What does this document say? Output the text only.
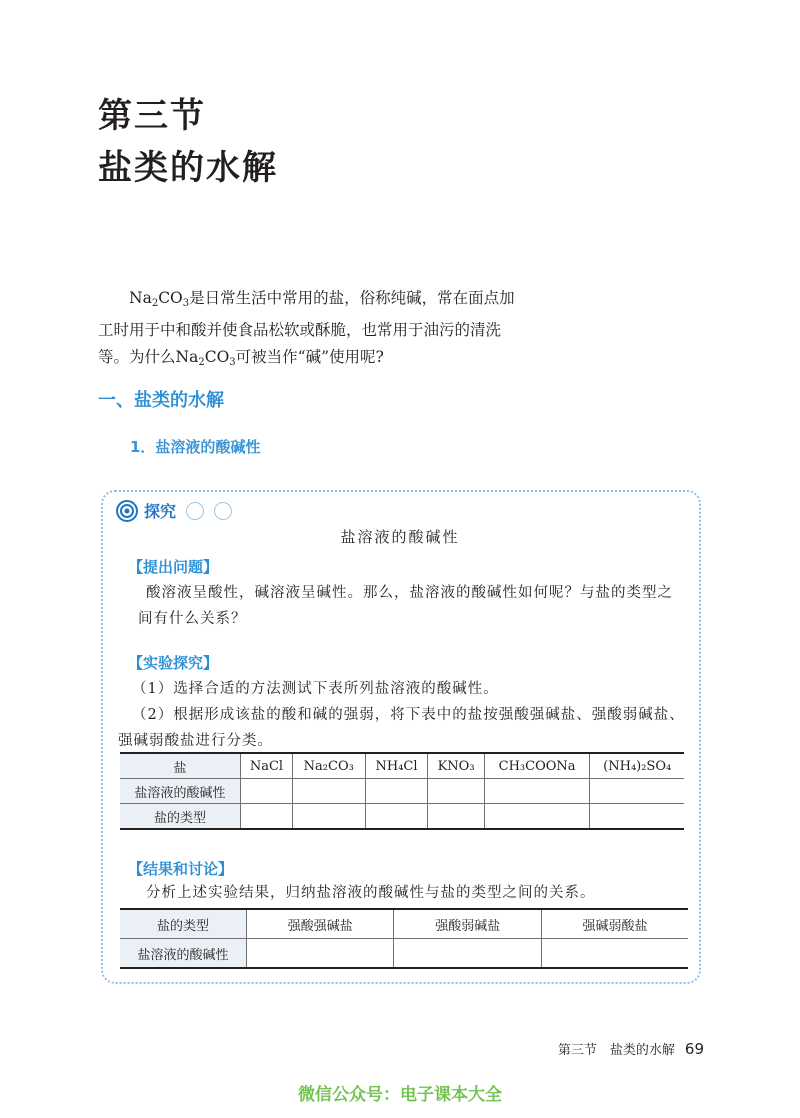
第三节
盐类的水解

$Na_2CO_3$是日常生活中常用的盐，俗称纯碱，常在面点加工时用于中和酸并使食品松软或酥脆，也常用于油污的清洗等。为什么$Na_2CO_3$可被当作“碱”使用呢?

一、盐类的水解
1．盐溶液的酸碱性
探究
盐溶液的酸碱性
【提出问题】
酸溶液呈酸性，碱溶液呈碱性。那么，盐溶液的酸碱性如何呢？与盐的类型之间有什么关系？
【实验探究】
（1）选择合适的方法测试下表所列盐溶液的酸碱性。
（2）根据形成该盐的酸和碱的强弱，将下表中的盐按强酸强碱盐、强酸弱碱盐、强碱弱酸盐进行分类。
盐	NaCl	Na₂CO₃	NH₄Cl	KNO₃	CH₃COONa	(NH₄)₂SO₄
盐溶液的酸碱性						
盐的类型						
【结果和讨论】
分析上述实验结果，归纳盐溶液的酸碱性与盐的类型之间的关系。
盐的类型	强酸强碱盐	强酸弱碱盐	强碱弱酸盐
盐溶液的酸碱性			
第三节　盐类的水解 69
微信公众号：电子课本大全
